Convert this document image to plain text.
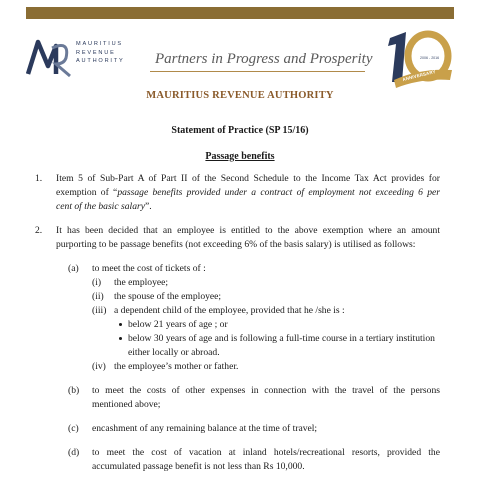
MAURITIUS
REVENUE
AUTHORITY Partners in Progress and Prosperity	2006 - 2016
ANNIVERSARY
MAURITIUS REVENUE AUTHORITY
Statement of Practice (SP 15/16)
Passage benefits
1. Item 5 of Sub-Part A of Part II of the Second Schedule to the Income Tax Act provides for
exemption of “passage benefits provided under a contract of employment not exceeding 6 per
cent of the basic salary”.
2. It has been decided that an employee is entitled to the above exemption where an amount
purporting to be passage benefits (not exceeding 6% of the basis salary) is utilised as follows:
(a) to meet the cost of tickets of :
(i) the employee;
(ii) the spouse of the employee;
(iii) a dependent child of the employee, provided that he /she is :
below 21 years of age ; or
below 30 years of age and is following a full-time course in a tertiary institution
either locally or abroad.
(iv) the employee’s mother or father.
(b) to meet the costs of other expenses in connection with the travel of the persons
mentioned above;
(c) encashment of any remaining balance at the time of travel;
(d) to meet the cost of vacation at inland hotels/recreational resorts, provided the
accumulated passage benefit is not less than Rs 10,000.
